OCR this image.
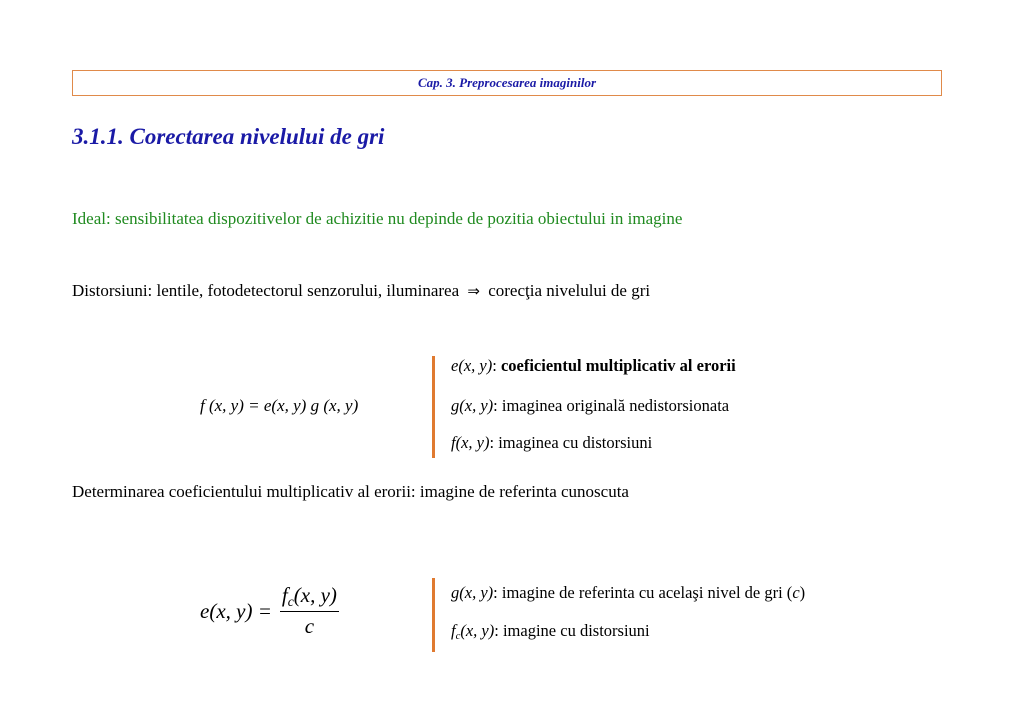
Cap. 3. Preprocesarea imaginilor
3.1.1. Corectarea nivelului de gri
Ideal: sensibilitatea dispozitivelor de achizitie nu depinde de pozitia obiectului in imagine
Distorsiuni: lentile, fotodetectorul senzorului, iluminarea ⇒ corecţia nivelului de gri
f (x, y) = e(x, y) g (x, y)
e(x, y): coeficientul multiplicativ al erorii
g(x, y): imaginea originală nedistorsionata
f(x, y): imaginea cu distorsiuni
Determinarea coeficientului multiplicativ al erorii: imagine de referinta cunoscuta
e(x, $y) = \frac{f_c(x, y)}{c}$	g(x, y): imagine de referinta cu acelaşi nivel de gri (c)
$f_c(x$, y): imagine cu distorsiuni
